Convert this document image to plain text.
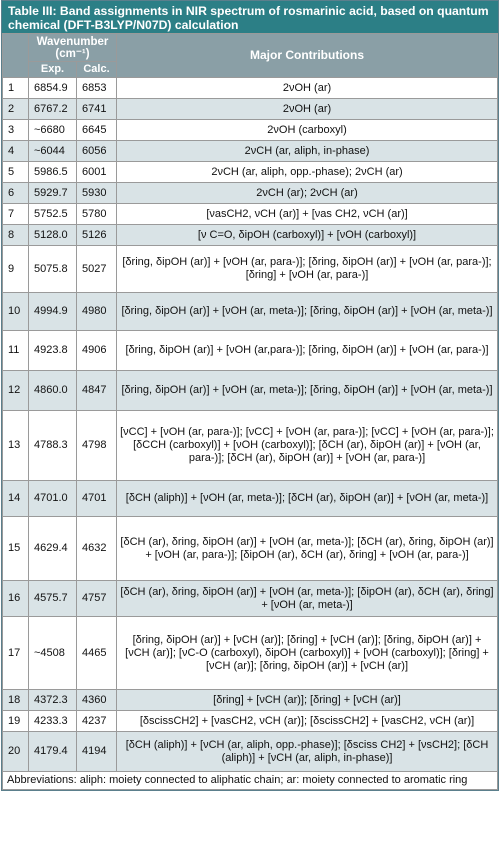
Table III: Band assignments in NIR spectrum of rosmarinic acid, based on quantum chemical (DFT-B3LYP/N07D) calculation

	Wavenumber
(cm⁻¹)		Major Contributions
	Exp.	Calc.	
1	6854.9	6853	2νOH (ar)
2	6767.2	6741	2νOH (ar)
3	~6680	6645	2νOH (carboxyl)
4	~6044	6056	2νCH (ar, aliph, in-phase)
5	5986.5	6001	2νCH (ar, aliph, opp.-phase); 2νCH (ar)
6	5929.7	5930	2νCH (ar); 2νCH (ar)
7	5752.5	5780	[νasCH2, νCH (ar)] + [νas CH2, νCH (ar)]
8	5128.0	5126	[ν C=O, δipOH (carboxyl)] + [νOH (carboxyl)]
9	5075.8	5027	[δring, δipOH (ar)] + [νOH (ar, para-)]; [δring, δipOH (ar)] + [νOH (ar, para-)]; [δring] + [νOH (ar, para-)]
10	4994.9	4980	[δring, δipOH (ar)] + [νOH (ar, meta-)]; [δring, δipOH (ar)] + [νOH (ar, meta-)]
11	4923.8	4906	[δring, δipOH (ar)] + [νOH (ar,para-)]; [δring, δipOH (ar)] + [νOH (ar, para-)]
12	4860.0	4847	[δring, δipOH (ar)] + [νOH (ar, meta-)]; [δring, δipOH (ar)] + [νOH (ar, meta-)]
13	4788.3	4798	[νCC] + [νOH (ar, para-)]; [νCC] + [νOH (ar, para-)]; [νCC] + [νOH (ar, para-)]; [δCCH (carboxyl)] + [νOH (carboxyl)]; [δCH (ar), δipOH (ar)] + [νOH (ar, para-)]; [δCH (ar), δipOH (ar)] + [νOH (ar, para-)]
14	4701.0	4701	[δCH (aliph)] + [νOH (ar, meta-)]; [δCH (ar), δipOH (ar)] + [νOH (ar, meta-)]
15	4629.4	4632	[δCH (ar), δring, δipOH (ar)] + [νOH (ar, meta-)]; [δCH (ar), δring, δipOH (ar)] + [νOH (ar, para-)]; [δipOH (ar), δCH (ar), δring] + [νOH (ar, para-)]
16	4575.7	4757	[δCH (ar), δring, δipOH (ar)] + [νOH (ar, meta-)]; [δipOH (ar), δCH (ar), δring] + [νOH (ar, meta-)]
17	~4508	4465	[δring, δipOH (ar)] + [νCH (ar)]; [δring] + [νCH (ar)]; [δring, δipOH (ar)] + [νCH (ar)]; [νC-O (carboxyl), δipOH (carboxyl)] + [νOH (carboxyl)]; [δring] + [νCH (ar)]; [δring, δipOH (ar)] + [νCH (ar)]
18	4372.3	4360	[δring] + [νCH (ar)]; [δring] + [νCH (ar)]
19	4233.3	4237	[δscissCH2] + [νasCH2, νCH (ar)]; [δscissCH2] + [νasCH2, νCH (ar)]
20	4179.4	4194	[δCH (aliph)] + [νCH (ar, aliph, opp.-phase)]; [δsciss CH2] + [νsCH2]; [δCH (aliph)] + [νCH (ar, aliph, in-phase)]
Abbreviations: aliph: moiety connected to aliphatic chain; ar: moiety connected to aromatic ring			
